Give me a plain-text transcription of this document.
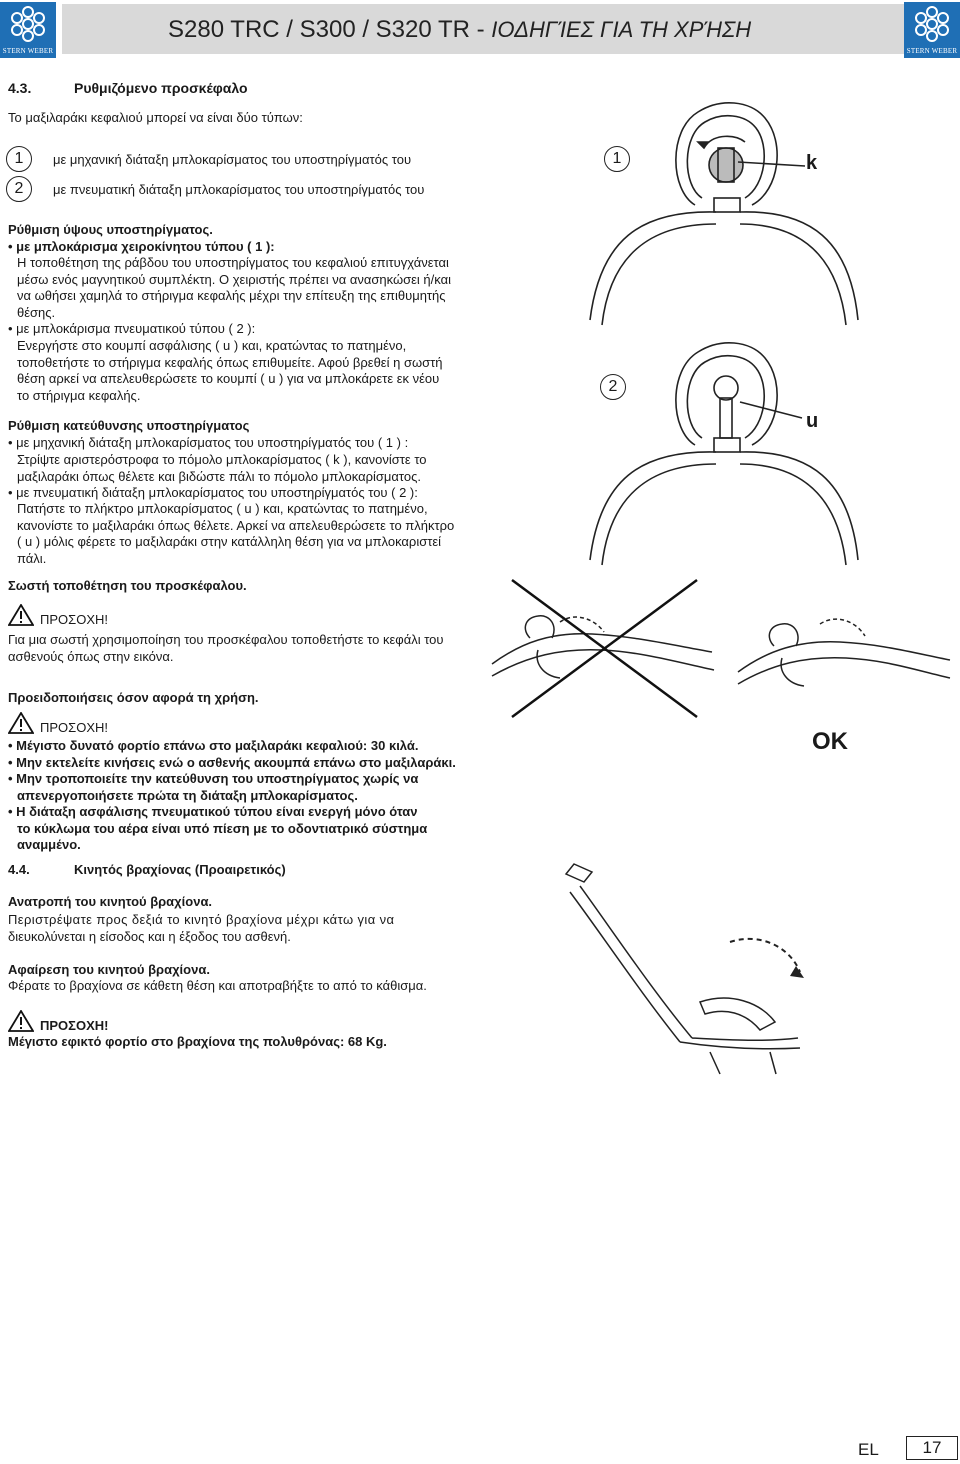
STERN WEBER	STERN WEBER
S280 TRC / S300 / S320 TR - ΙΟΔΗΓΊΕΣ ΓΙΑ ΤΗ ΧΡΉΣΗ
4.3.	Ρυθμιζόμενο προσκέφαλο
Το μαξιλαράκι κεφαλιού μπορεί να είναι δύο τύπων:
1	με μηχανική διάταξη μπλοκαρίσματος του υποστηρίγματός του
2	με πνευματική διάταξη μπλοκαρίσματος του υποστηρίγματός του
Ρύθμιση ύψους υποστηρίγματος.
• με μπλοκάρισμα χειροκίνητου τύπου ( 1 ):
Η τοποθέτηση της ράβδου του υποστηρίγματος του κεφαλιού επιτυγχάνεται
μέσω ενός μαγνητικού συμπλέκτη. Ο χειριστής πρέπει να ανασηκώσει ή/και
να ωθήσει χαμηλά το στήριγμα κεφαλής μέχρι την επίτευξη της επιθυμητής
θέσης.
• με μπλοκάρισμα πνευματικού τύπου ( 2 ):
Ενεργήστε στο κουμπί ασφάλισης ( u ) και, κρατώντας το πατημένο,
τοποθετήστε το στήριγμα κεφαλής όπως επιθυμείτε. Αφού βρεθεί η σωστή
θέση αρκεί να απελευθερώσετε το κουμπί ( u ) για να μπλοκάρετε εκ νέου
το στήριγμα κεφαλής.
Ρύθμιση κατεύθυνσης υποστηρίγματος
• με μηχανική διάταξη μπλοκαρίσματος του υποστηρίγματός του ( 1 ) :
Στρίψτε αριστερόστροφα το πόμολο μπλοκαρίσματος ( k ), κανονίστε το
μαξιλαράκι όπως θέλετε και βιδώστε πάλι το πόμολο μπλοκαρίσματος.
• με πνευματική διάταξη μπλοκαρίσματος του υποστηρίγματός του ( 2 ):
Πατήστε το πλήκτρο μπλοκαρίσματος ( u ) και, κρατώντας το πατημένο,
κανονίστε το μαξιλαράκι όπως θέλετε. Αρκεί να απελευθερώσετε το πλήκτρο
( u ) μόλις φέρετε το μαξιλαράκι στην κατάλληλη θέση για να μπλοκαριστεί
πάλι.
Σωστή τοποθέτηση του προσκέφαλου.
ΠΡΟΣΟΧΗ!
Για μια σωστή χρησιμοποίηση του προσκέφαλου τοποθετήστε το κεφάλι του
ασθενούς όπως στην εικόνα.
Προειδοποιήσεις όσον αφορά τη χρήση.
ΠΡΟΣΟΧΗ!
• Μέγιστο δυνατό φορτίο επάνω στο μαξιλαράκι κεφαλιού: 30 κιλά.
• Μην εκτελείτε κινήσεις ενώ ο ασθενής ακουμπά επάνω στο μαξιλαράκι.
• Μην τροποποιείτε την κατεύθυνση του υποστηρίγματος χωρίς να
απενεργοποιήσετε πρώτα τη διάταξη μπλοκαρίσματος.
• Η διάταξη ασφάλισης πνευματικού τύπου είναι ενεργή μόνο όταν
το κύκλωμα του αέρα είναι υπό πίεση με το οδοντιατρικό σύστημα
αναμμένο.
4.4.	Κινητός βραχίονας (Προαιρετικός)
Ανατροπή του κινητού βραχίονα.
Περιστρέψατε προς δεξιά το κινητό βραχίονα μέχρι κάτω για να
διευκολύνεται η είσοδος και η έξοδος του ασθενή.
Αφαίρεση του κινητού βραχίονα.
Φέρατε το βραχίονα σε κάθετη θέση και αποτραβήξτε το από το κάθισμα.
ΠΡΟΣΟΧΗ!
Μέγιστο εφικτό φορτίο στο βραχίονα της πολυθρόνας: 68 Kg.
1	k
2
u
OK
EL	17
